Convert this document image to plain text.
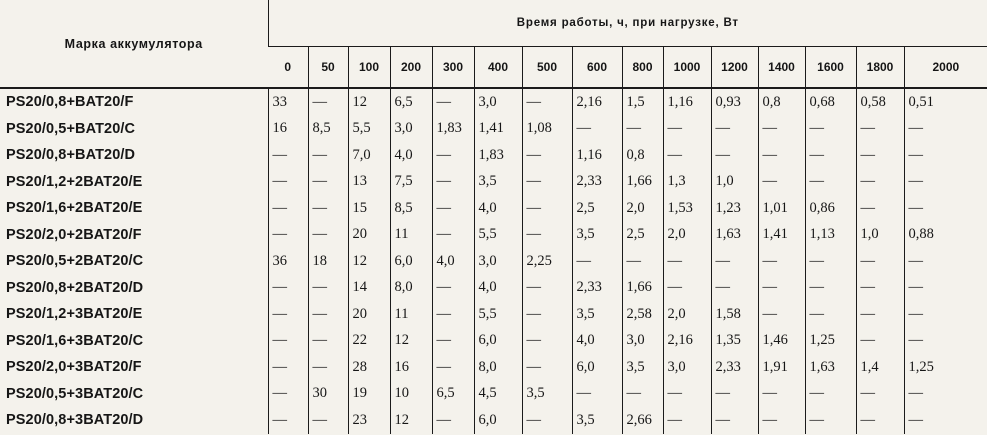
Марка аккумулятора	Время работы, ч, при нагрузке, Вт														
	0	50	100	200	300	400	500	600	800	1000	1200	1400	1600	1800	2000
PS20/0,8+BAT20/F	33	—	12	6,5	—	3,0	—	2,16	1,5	1,16	0,93	0,8	0,68	0,58	0,51
PS20/0,5+BAT20/C	16	8,5	5,5	3,0	1,83	1,41	1,08	—	—	—	—	—	—	—	—
PS20/0,8+BAT20/D	—	—	7,0	4,0	—	1,83	—	1,16	0,8	—	—	—	—	—	—
PS20/1,2+2BAT20/E	—	—	13	7,5	—	3,5	—	2,33	1,66	1,3	1,0	—	—	—	—
PS20/1,6+2BAT20/E	—	—	15	8,5	—	4,0	—	2,5	2,0	1,53	1,23	1,01	0,86	—	—
PS20/2,0+2BAT20/F	—	—	20	11	—	5,5	—	3,5	2,5	2,0	1,63	1,41	1,13	1,0	0,88
PS20/0,5+2BAT20/C	36	18	12	6,0	4,0	3,0	2,25	—	—	—	—	—	—	—	—
PS20/0,8+2BAT20/D	—	—	14	8,0	—	4,0	—	2,33	1,66	—	—	—	—	—	—
PS20/1,2+3BAT20/E	—	—	20	11	—	5,5	—	3,5	2,58	2,0	1,58	—	—	—	—
PS20/1,6+3BAT20/C	—	—	22	12	—	6,0	—	4,0	3,0	2,16	1,35	1,46	1,25	—	—
PS20/2,0+3BAT20/F	—	—	28	16	—	8,0	—	6,0	3,5	3,0	2,33	1,91	1,63	1,4	1,25
PS20/0,5+3BAT20/C	—	30	19	10	6,5	4,5	3,5	—	—	—	—	—	—	—	—
PS20/0,8+3BAT20/D	—	—	23	12	—	6,0	—	3,5	2,66	—	—	—	—	—	—
